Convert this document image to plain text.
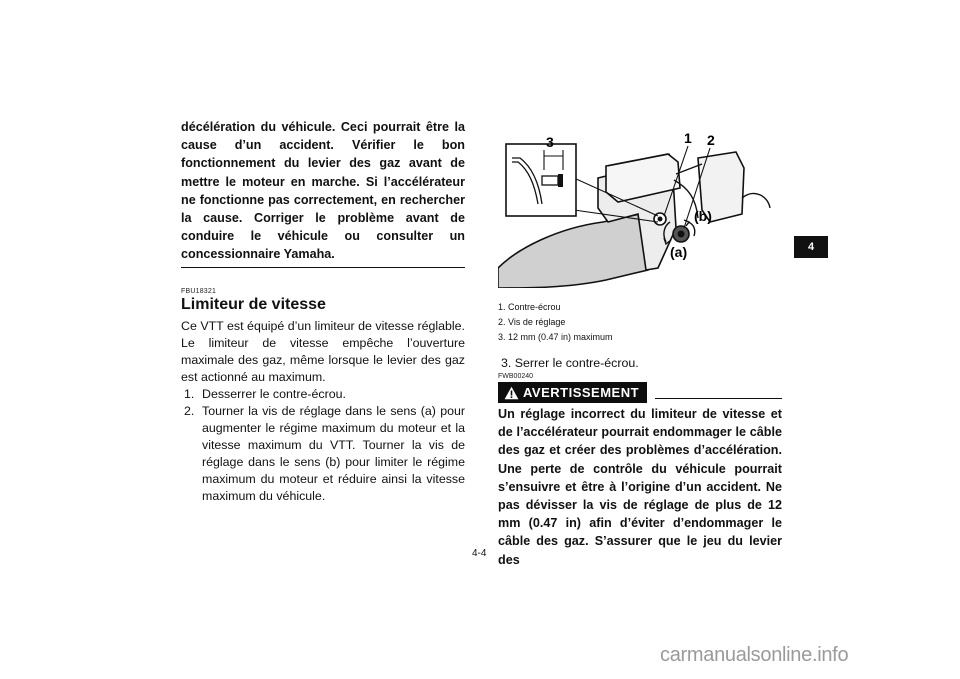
décélération du véhicule. Ceci pourrait être la cause d’un accident. Vérifier le bon fonctionnement du levier des gaz avant de mettre le moteur en marche. Si l’accélérateur ne fonctionne pas correctement, en rechercher la cause. Corriger le problème avant de conduire le véhicule ou consulter un concessionnaire Yamaha.

FBU18321
Limiteur de vitesse

Ce VTT est équipé d’un limiteur de vitesse réglable. Le limiteur de vitesse empêche l’ouverture maximale des gaz, même lorsque le levier des gaz est actionné au maximum.

1. Desserrer le contre-écrou.
2. Tourner la vis de réglage dans le sens (a) pour augmenter le régime maximum du moteur et la vitesse maximum du VTT. Tourner la vis de réglage dans le sens (b) pour limiter le régime maximum du moteur et réduire ainsi la vitesse maximum du véhicule.
3	1 2
(b)
(a)
1. Contre-écrou
2. Vis de réglage
3. 12 mm (0.47 in) maximum
3. Serrer le contre-écrou.
FWB00240
AVERTISSEMENT

Un réglage incorrect du limiteur de vitesse et de l’accélérateur pourrait endommager le câble des gaz et créer des problèmes d’accélération. Une perte de contrôle du véhicule pourrait s’ensuivre et être à l’origine d’un accident. Ne pas dévisser la vis de réglage de plus de 12 mm (0.47 in) afin d’éviter d’endommager le câble des gaz. S’assurer que le jeu du levier des

4-4
4
carmanualsonline.info
